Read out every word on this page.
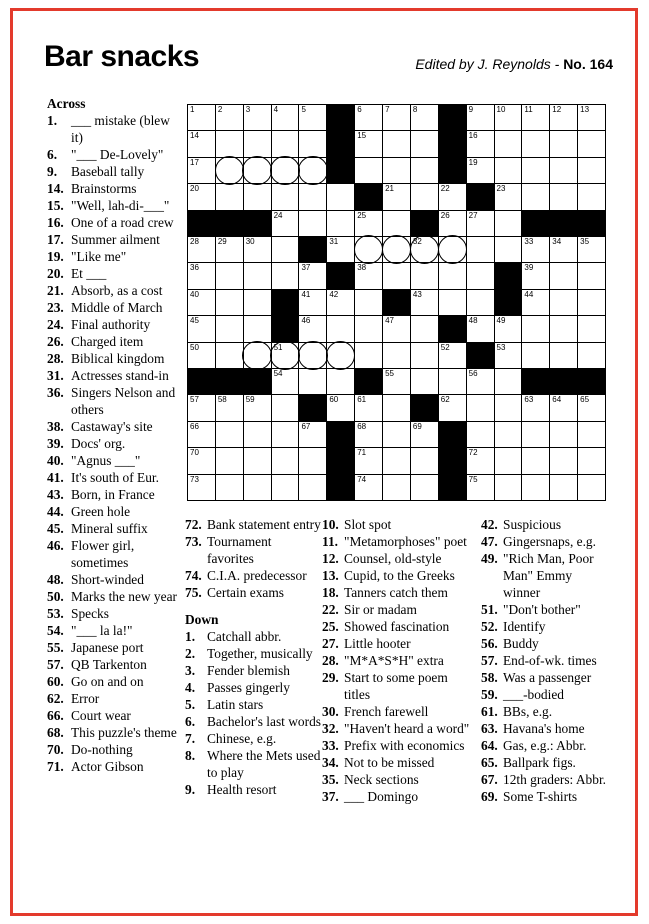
Bar snacks	Edited by J. Reynolds - No. 164
1	2	3	4	5	6	7	8	9	10 11 12 13
14	15	16
17	19
20	21	22	23
24	25	26 27
28 29 30	31	32	33 34 35
36	37	38	39
40	41 42	43	44
45	46	47	48 49
50	51	52	53
54	55	56
57 58 59	60 61	62	63 64 65
66	67	68	69
70	71	72
73	74	75
Across
1. ___ mistake (blew it)
6. "___ De-Lovely"
9. Baseball tally
14. Brainstorms
15. "Well, lah-di-___"
16. One of a road crew
17. Summer ailment
19. "Like me"
20. Et ___
21. Absorb, as a cost
23. Middle of March
24. Final authority
26. Charged item
28. Biblical kingdom
31. Actresses stand-in
36. Singers Nelson and others
38. Castaway's site
39. Docs' org.
40. "Agnus ___"
41. It's south of Eur.
43. Born, in France
44. Green hole
45. Mineral suffix
46. Flower girl, sometimes
48. Short-winded
50. Marks the new year
53. Specks
54. "___ la la!"
55. Japanese port
57. QB Tarkenton
60. Go on and on
62. Error
66. Court wear
68. This puzzle's theme
70. Do-nothing
71. Actor Gibson
72. Bank statement entry
73. Tournament favorites
74. C.I.A. predecessor
75. Certain exams
Down
1. Catchall abbr.
2. Together, musically
3. Fender blemish
4. Passes gingerly
5. Latin stars
6. Bachelor's last words
7. Chinese, e.g.
8. Where the Mets used to play
9. Health resort
10. Slot spot
11. "Metamorphoses" poet
12. Counsel, old-style
13. Cupid, to the Greeks
18. Tanners catch them
22. Sir or madam
25. Showed fascination
27. Little hooter
28. "M*A*S*H" extra
29. Start to some poem titles
30. French farewell
32. "Haven't heard a word"
33. Prefix with economics
34. Not to be missed
35. Neck sections
37. ___ Domingo
42. Suspicious
47. Gingersnaps, e.g.
49. "Rich Man, Poor Man" Emmy winner
51. "Don't bother"
52. Identify
56. Buddy
57. End-of-wk. times
58. Was a passenger
59. ___-bodied
61. BBs, e.g.
63. Havana's home
64. Gas, e.g.: Abbr.
65. Ballpark figs.
67. 12th graders: Abbr.
69. Some T-shirts
